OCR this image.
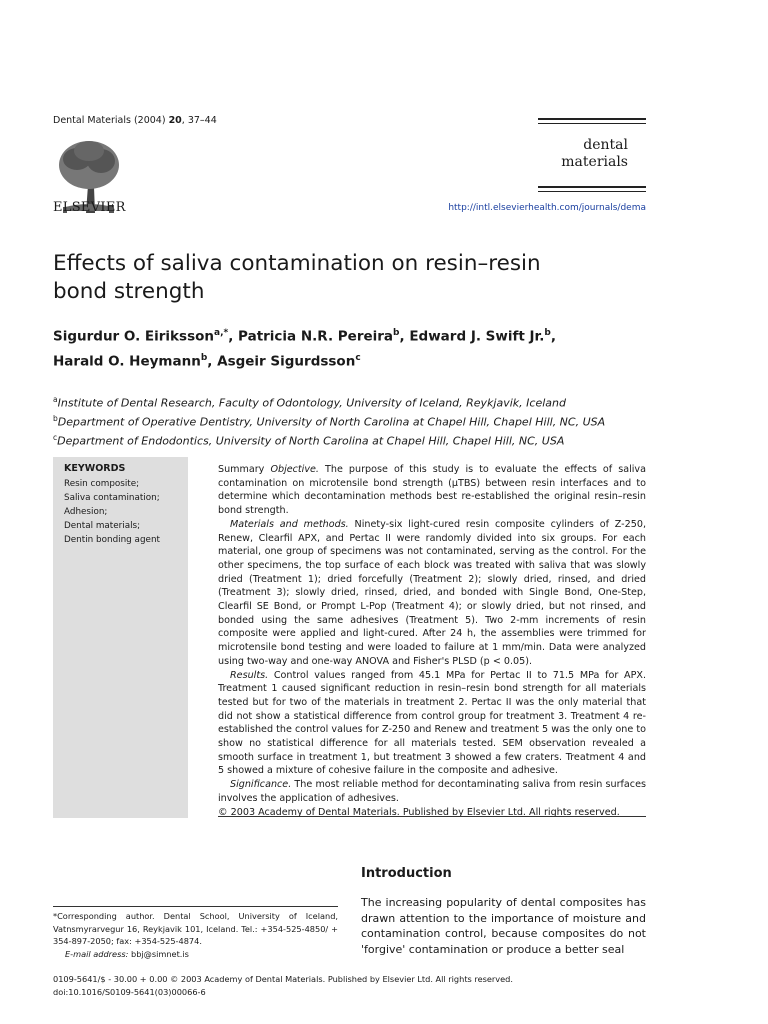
Dental Materials (2004) 20, 37–44
ELSEVIER
dental
materials
http://intl.elsevierhealth.com/journals/dema
Effects of saliva contamination on resin–resin
bond strength
Sigurdur O. Eiriksson$^{a,*}$, Patricia N.R. Pereira$^b$, Edward J. Swift Jr.$^b$,
Harald O. Heymann$^b$, Asgeir Sigurdsson$^c$
$^a$Institute of Dental Research, Faculty of Odontology, University of Iceland, Reykjavik, Iceland
$^b$Department of Operative Dentistry, University of North Carolina at Chapel Hill, Chapel Hill, NC, USA
$^c$Department of Endodontics, University of North Carolina at Chapel Hill, Chapel Hill, NC, USA
KEYWORDS
Resin composite;
Saliva contamination;
Adhesion;
Dental materials;
Dentin bonding agent

Summary Objective. The purpose of this study is to evaluate the effects of saliva contamination on microtensile bond strength (μTBS) between resin interfaces and to determine which decontamination methods best re-established the original resin–resin bond strength.

Materials and methods. Ninety-six light-cured resin composite cylinders of Z-250, Renew, Clearfil APX, and Pertac II were randomly divided into six groups. For each material, one group of specimens was not contaminated, serving as the control. For the other specimens, the top surface of each block was treated with saliva that was slowly dried (Treatment 1); dried forcefully (Treatment 2); slowly dried, rinsed, and dried (Treatment 3); slowly dried, rinsed, dried, and bonded with Single Bond, One-Step, Clearfil SE Bond, or Prompt L-Pop (Treatment 4); or slowly dried, but not rinsed, and bonded using the same adhesives (Treatment 5). Two 2-mm increments of resin composite were applied and light-cured. After 24 h, the assemblies were trimmed for microtensile bond testing and were loaded to failure at 1 mm/min. Data were analyzed using two-way and one-way ANOVA and Fisher's PLSD (p < 0.05).

Results. Control values ranged from 45.1 MPa for Pertac II to 71.5 MPa for APX. Treatment 1 caused significant reduction in resin–resin bond strength for all materials tested but for two of the materials in treatment 2. Pertac II was the only material that did not show a statistical difference from control group for treatment 3. Treatment 4 re-established the control values for Z-250 and Renew and treatment 5 was the only one to show no statistical difference for all materials tested. SEM observation revealed a smooth surface in treatment 1, but treatment 3 showed a few craters. Treatment 4 and 5 showed a mixture of cohesive failure in the composite and adhesive.

Significance. The most reliable method for decontaminating saliva from resin surfaces involves the application of adhesives.

© 2003 Academy of Dental Materials. Published by Elsevier Ltd. All rights reserved.

Introduction
The increasing popularity of dental composites has drawn attention to the importance of moisture and contamination control, because composites do not 'forgive' contamination or produce a better seal

*Corresponding author. Dental School, University of Iceland, Vatnsmyrarvegur 16, Reykjavik 101, Iceland. Tel.: +354-525-4850/ + 354-897-2050; fax: +354-525-4874.

E-mail address: bbj@simnet.is

0109-5641/$ - 30.00 + 0.00 © 2003 Academy of Dental Materials. Published by Elsevier Ltd. All rights reserved.
doi:10.1016/S0109-5641(03)00066-6
